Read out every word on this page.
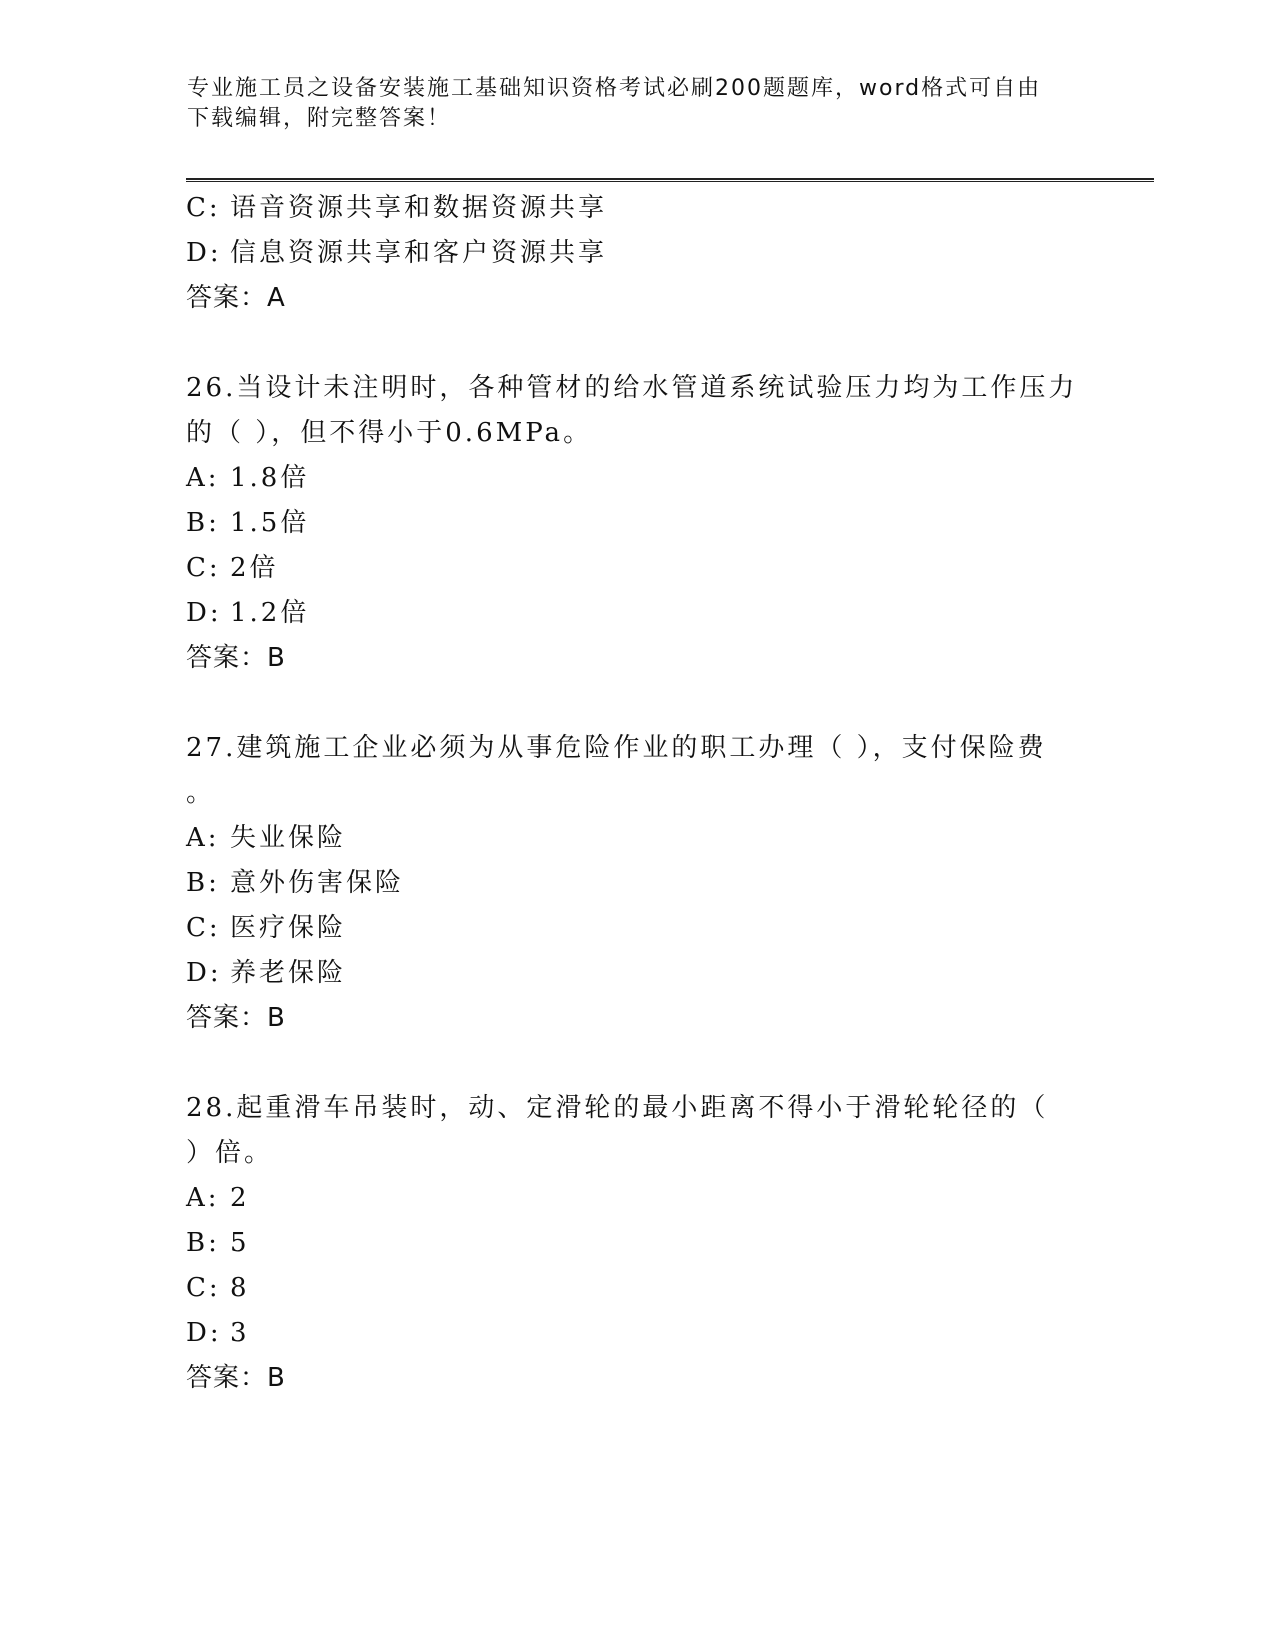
专业施工员之设备安装施工基础知识资格考试必刷200题题库，word格式可自由
下载编辑，附完整答案！
C: 语音资源共享和数据资源共享
D: 信息资源共享和客户资源共享
答案：A
26.当设计未注明时，各种管材的给水管道系统试验压力均为工作压力
的（ ），但不得小于0.6MPa。
A: 1.8倍
B: 1.5倍
C: 2倍
D: 1.2倍
答案：B
27.建筑施工企业必须为从事危险作业的职工办理（ ），支付保险费
。
A: 失业保险
B: 意外伤害保险
C: 医疗保险
D: 养老保险
答案：B
28.起重滑车吊装时，动、定滑轮的最小距离不得小于滑轮轮径的（
）倍。
A: 2
B: 5
C: 8
D: 3
答案：B
